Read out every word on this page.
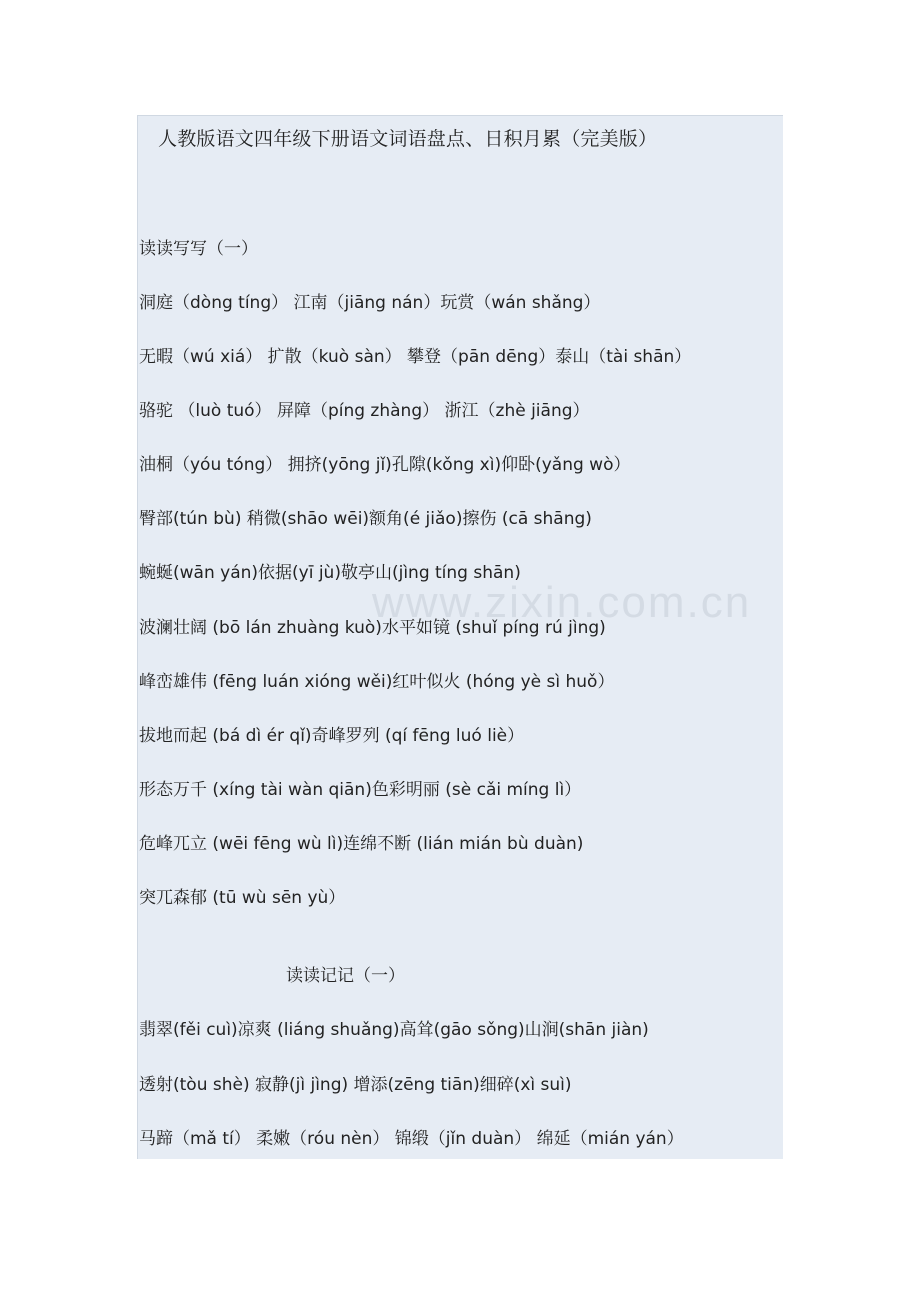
www.zixin.com.cn
人教版语文四年级下册语文词语盘点、日积月累（完美版）
读读写写（一）
洞庭（dòng tíng） 江南（jiāng nán）玩赏（wán shǎng）
无暇（wú xiá） 扩散（kuò sàn） 攀登（pān dēng）泰山（tài shān）
骆驼 （luò tuó） 屏障（píng zhàng） 浙江（zhè jiāng）
油桐（yóu tóng） 拥挤(yōng jǐ)孔隙(kǒng xì)仰卧(yǎng wò）
臀部(tún bù) 稍微(shāo wēi)额角(é jiǎo)擦伤 (cā shāng)
蜿蜒(wān yán)依据(yī jù)敬亭山(jìng tíng shān)
波澜壮阔 (bō lán zhuàng kuò)水平如镜 (shuǐ píng rú jìng)
峰峦雄伟 (fēng luán xióng wěi)红叶似火 (hóng yè sì huǒ）
拔地而起 (bá dì ér qǐ)奇峰罗列 (qí fēng luó liè）
形态万千 (xíng tài wàn qiān)色彩明丽 (sè cǎi míng lì）
危峰兀立 (wēi fēng wù lì)连绵不断 (lián mián bù duàn)
突兀森郁 (tū wù sēn yù）
读读记记（一）
翡翠(fěi cuì)凉爽 (liáng shuǎng)高耸(gāo sǒng)山涧(shān jiàn)
透射(tòu shè) 寂静(jì jìng) 增添(zēng tiān)细碎(xì suì)
马蹄（mǎ tí） 柔嫩（róu nèn） 锦缎（jǐn duàn） 绵延（mián yán）
